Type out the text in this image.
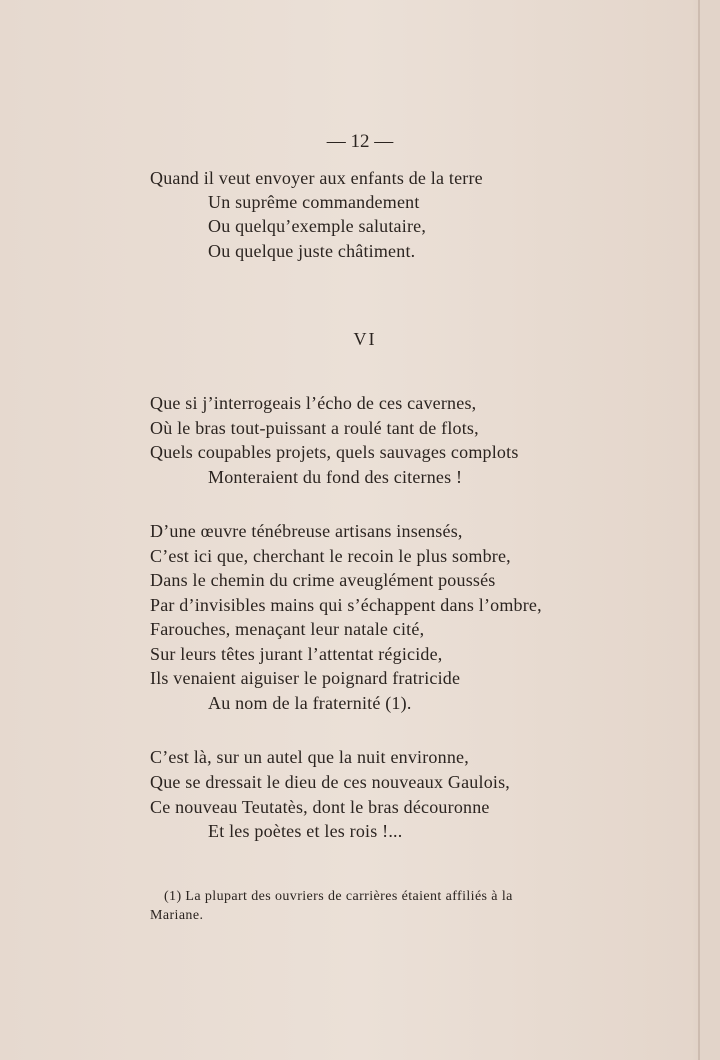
— 12 —
Quand il veut envoyer aux enfants de la terre
Un suprême commandement
Ou quelqu’exemple salutaire,
Ou quelque juste châtiment.
VI
Que si j’interrogeais l’écho de ces cavernes,
Où le bras tout-puissant a roulé tant de flots,
Quels coupables projets, quels sauvages complots
Monteraient du fond des citernes !
D’une œuvre ténébreuse artisans insensés,
C’est ici que, cherchant le recoin le plus sombre,
Dans le chemin du crime aveuglément poussés
Par d’invisibles mains qui s’échappent dans l’ombre,
Farouches, menaçant leur natale cité,
Sur leurs têtes jurant l’attentat régicide,
Ils venaient aiguiser le poignard fratricide
Au nom de la fraternité (1).
C’est là, sur un autel que la nuit environne,
Que se dressait le dieu de ces nouveaux Gaulois,
Ce nouveau Teutatès, dont le bras découronne
Et les poètes et les rois !...
(1) La plupart des ouvriers de carrières étaient affiliés à la
Mariane.
